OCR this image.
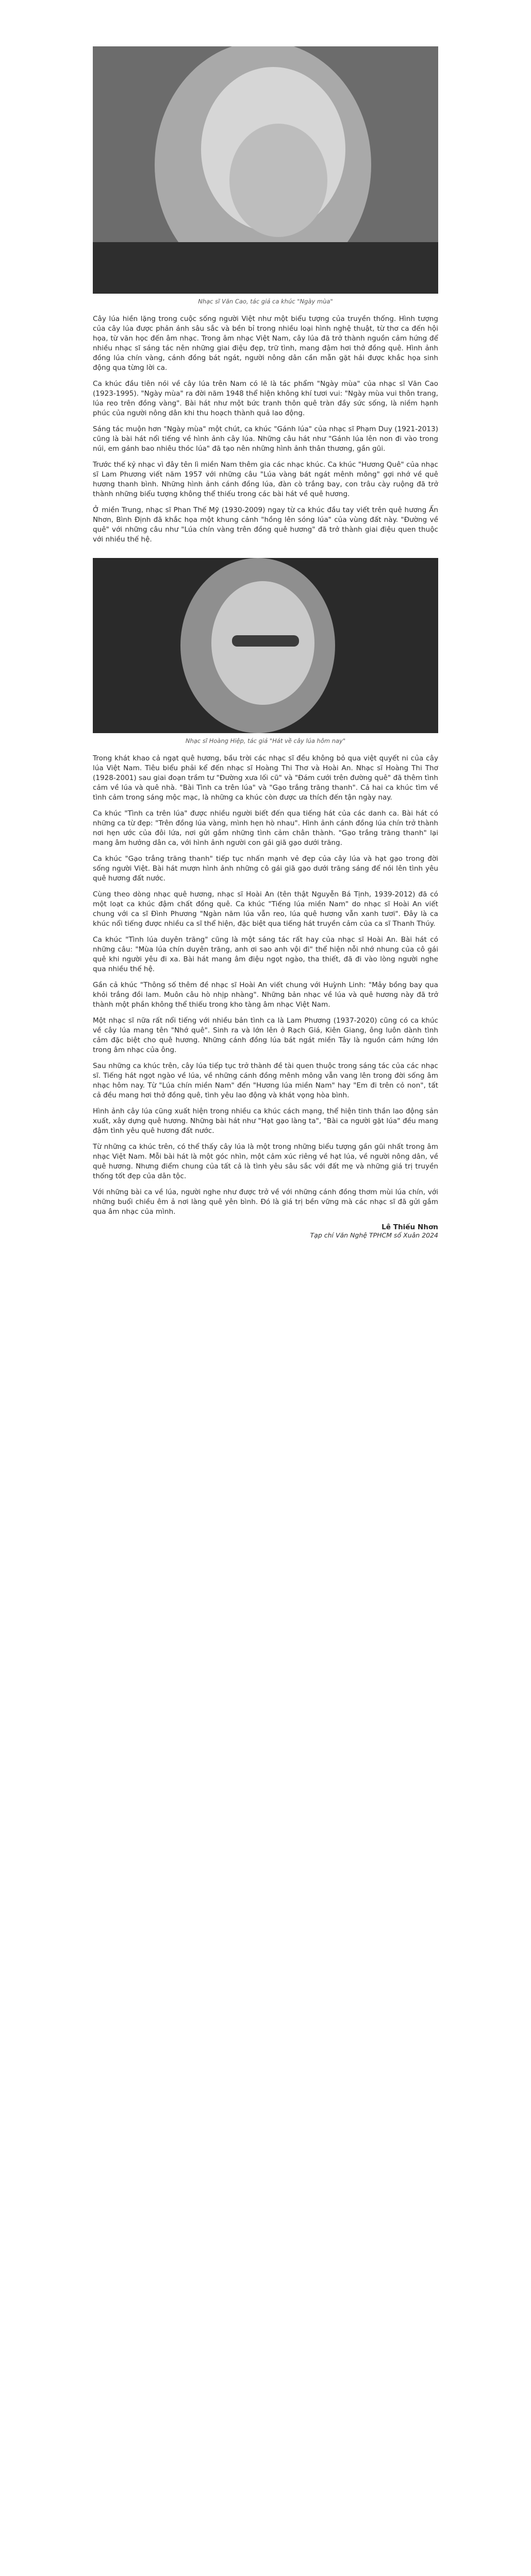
Nhạc sĩ Văn Cao, tác giả ca khúc "Ngày mùa"

Cây lúa hiền lặng trong cuộc sống người Việt như một biểu tượng của truyền thống. Hình tượng của cây lúa được phản ánh sâu sắc và bền bỉ trong nhiều loại hình nghệ thuật, từ thơ ca đến hội họa, từ văn học đến âm nhạc. Trong âm nhạc Việt Nam, cây lúa đã trở thành nguồn cảm hứng để nhiều nhạc sĩ sáng tác nên những giai điệu đẹp, trữ tình, mang đậm hơi thở đồng quê. Hình ảnh đồng lúa chín vàng, cánh đồng bát ngát, người nông dân cần mẫn gặt hái được khắc họa sinh động qua từng lời ca.

Ca khúc đầu tiên nói về cây lúa trên Nam có lẽ là tác phẩm "Ngày mùa" của nhạc sĩ Văn Cao (1923-1995). "Ngày mùa" ra đời năm 1948 thể hiện không khí tươi vui: "Ngày mùa vui thôn trang, lúa reo trên đồng vàng". Bài hát như một bức tranh thôn quê tràn đầy sức sống, là niềm hạnh phúc của người nông dân khi thu hoạch thành quả lao động.

Sáng tác muộn hơn "Ngày mùa" một chút, ca khúc "Gánh lúa" của nhạc sĩ Phạm Duy (1921-2013) cũng là bài hát nổi tiếng về hình ảnh cây lúa. Những câu hát như "Gánh lúa lên non đi vào trong núi, em gánh bao nhiêu thóc lúa" đã tạo nên những hình ảnh thân thương, gần gũi.

Trước thế kỷ nhạc vì đây tên lì miền Nam thêm gia các nhạc khúc. Ca khúc "Hương Quê" của nhạc sĩ Lam Phương viết năm 1957 với những câu "Lúa vàng bát ngát mênh mông" gợi nhớ về quê hương thanh bình. Những hình ảnh cánh đồng lúa, đàn cò trắng bay, con trâu cày ruộng đã trở thành những biểu tượng không thể thiếu trong các bài hát về quê hương.

Ở miền Trung, nhạc sĩ Phan Thế Mỹ (1930-2009) ngay từ ca khúc đầu tay viết trên quê hương Ấn Nhơn, Bình Định đã khắc họa một khung cảnh "hồng lên sóng lúa" của vùng đất này. "Đường về quê" với những câu như "Lúa chín vàng trên đồng quê hương" đã trở thành giai điệu quen thuộc với nhiều thế hệ.

Nhạc sĩ Hoàng Hiệp, tác giả "Hát về cây lúa hôm nay"

Trong khát khao cả ngạt quê hương, bầu trời các nhạc sĩ đều không bỏ qua việt quyết ni của cây lúa Việt Nam. Tiêu biểu phải kể đến nhạc sĩ Hoàng Thi Thơ và Hoài An. Nhạc sĩ Hoàng Thi Thơ (1928-2001) sau giai đoạn trầm tư "Đường xưa lối cũ" và "Đám cưới trên đường quê" đã thêm tình cảm về lúa và quê nhà. "Bài Tình ca trên lúa" và "Gạo trắng trăng thanh". Cả hai ca khúc tìm về tình cảm trong sáng mộc mạc, là những ca khúc còn được ưa thích đến tận ngày nay.

Ca khúc "Tình ca trên lúa" được nhiều người biết đến qua tiếng hát của các danh ca. Bài hát có những ca từ đẹp: "Trên đồng lúa vàng, mình hẹn hò nhau". Hình ảnh cánh đồng lúa chín trở thành nơi hẹn ước của đôi lứa, nơi gửi gắm những tình cảm chân thành. "Gạo trắng trăng thanh" lại mang âm hưởng dân ca, với hình ảnh người con gái giã gạo dưới trăng.

Ca khúc "Gạo trắng trăng thanh" tiếp tục nhấn mạnh vẻ đẹp của cây lúa và hạt gạo trong đời sống người Việt. Bài hát mượn hình ảnh những cô gái giã gạo dưới trăng sáng để nói lên tình yêu quê hương đất nước.

Cùng theo dòng nhạc quê hương, nhạc sĩ Hoài An (tên thật Nguyễn Bá Tịnh, 1939-2012) đã có một loạt ca khúc đậm chất đồng quê. Ca khúc "Tiếng lúa miền Nam" do nhạc sĩ Hoài An viết chung với ca sĩ Đình Phương "Ngàn năm lúa vẫn reo, lúa quê hương vẫn xanh tươi". Đây là ca khúc nổi tiếng được nhiều ca sĩ thể hiện, đặc biệt qua tiếng hát truyền cảm của ca sĩ Thanh Thúy.

Ca khúc "Tình lúa duyên trăng" cũng là một sáng tác rất hay của nhạc sĩ Hoài An. Bài hát có những câu: "Mùa lúa chín duyên trăng, anh ơi sao anh vội đi" thể hiện nỗi nhớ nhung của cô gái quê khi người yêu đi xa. Bài hát mang âm điệu ngọt ngào, tha thiết, đã đi vào lòng người nghe qua nhiều thế hệ.

Gần cả khúc "Thông số thêm đề nhạc sĩ Hoài An viết chung với Huỳnh Linh: "Mây bồng bay qua khỏi trắng đồi lam. Muôn câu hò nhịp nhàng". Những bản nhạc về lúa và quê hương này đã trở thành một phần không thể thiếu trong kho tàng âm nhạc Việt Nam.

Một nhạc sĩ nữa rất nổi tiếng với nhiều bản tình ca là Lam Phương (1937-2020) cũng có ca khúc về cây lúa mang tên "Nhớ quê". Sinh ra và lớn lên ở Rạch Giá, Kiên Giang, ông luôn dành tình cảm đặc biệt cho quê hương. Những cánh đồng lúa bát ngát miền Tây là nguồn cảm hứng lớn trong âm nhạc của ông.

Sau những ca khúc trên, cây lúa tiếp tục trở thành đề tài quen thuộc trong sáng tác của các nhạc sĩ. Tiếng hát ngọt ngào về lúa, về những cánh đồng mênh mông vẫn vang lên trong đời sống âm nhạc hôm nay. Từ "Lúa chín miền Nam" đến "Hương lúa miền Nam" hay "Em đi trên cỏ non", tất cả đều mang hơi thở đồng quê, tình yêu lao động và khát vọng hòa bình.

Hình ảnh cây lúa cũng xuất hiện trong nhiều ca khúc cách mạng, thể hiện tinh thần lao động sản xuất, xây dựng quê hương. Những bài hát như "Hạt gạo làng ta", "Bài ca người gặt lúa" đều mang đậm tình yêu quê hương đất nước.

Từ những ca khúc trên, có thể thấy cây lúa là một trong những biểu tượng gần gũi nhất trong âm nhạc Việt Nam. Mỗi bài hát là một góc nhìn, một cảm xúc riêng về hạt lúa, về người nông dân, về quê hương. Nhưng điểm chung của tất cả là tình yêu sâu sắc với đất mẹ và những giá trị truyền thống tốt đẹp của dân tộc.

Với những bài ca về lúa, người nghe như được trở về với những cánh đồng thơm mùi lúa chín, với những buổi chiều êm ả nơi làng quê yên bình. Đó là giá trị bền vững mà các nhạc sĩ đã gửi gắm qua âm nhạc của mình.

Lê Thiếu Nhơn
Tạp chí Văn Nghệ TPHCM số Xuân 2024
